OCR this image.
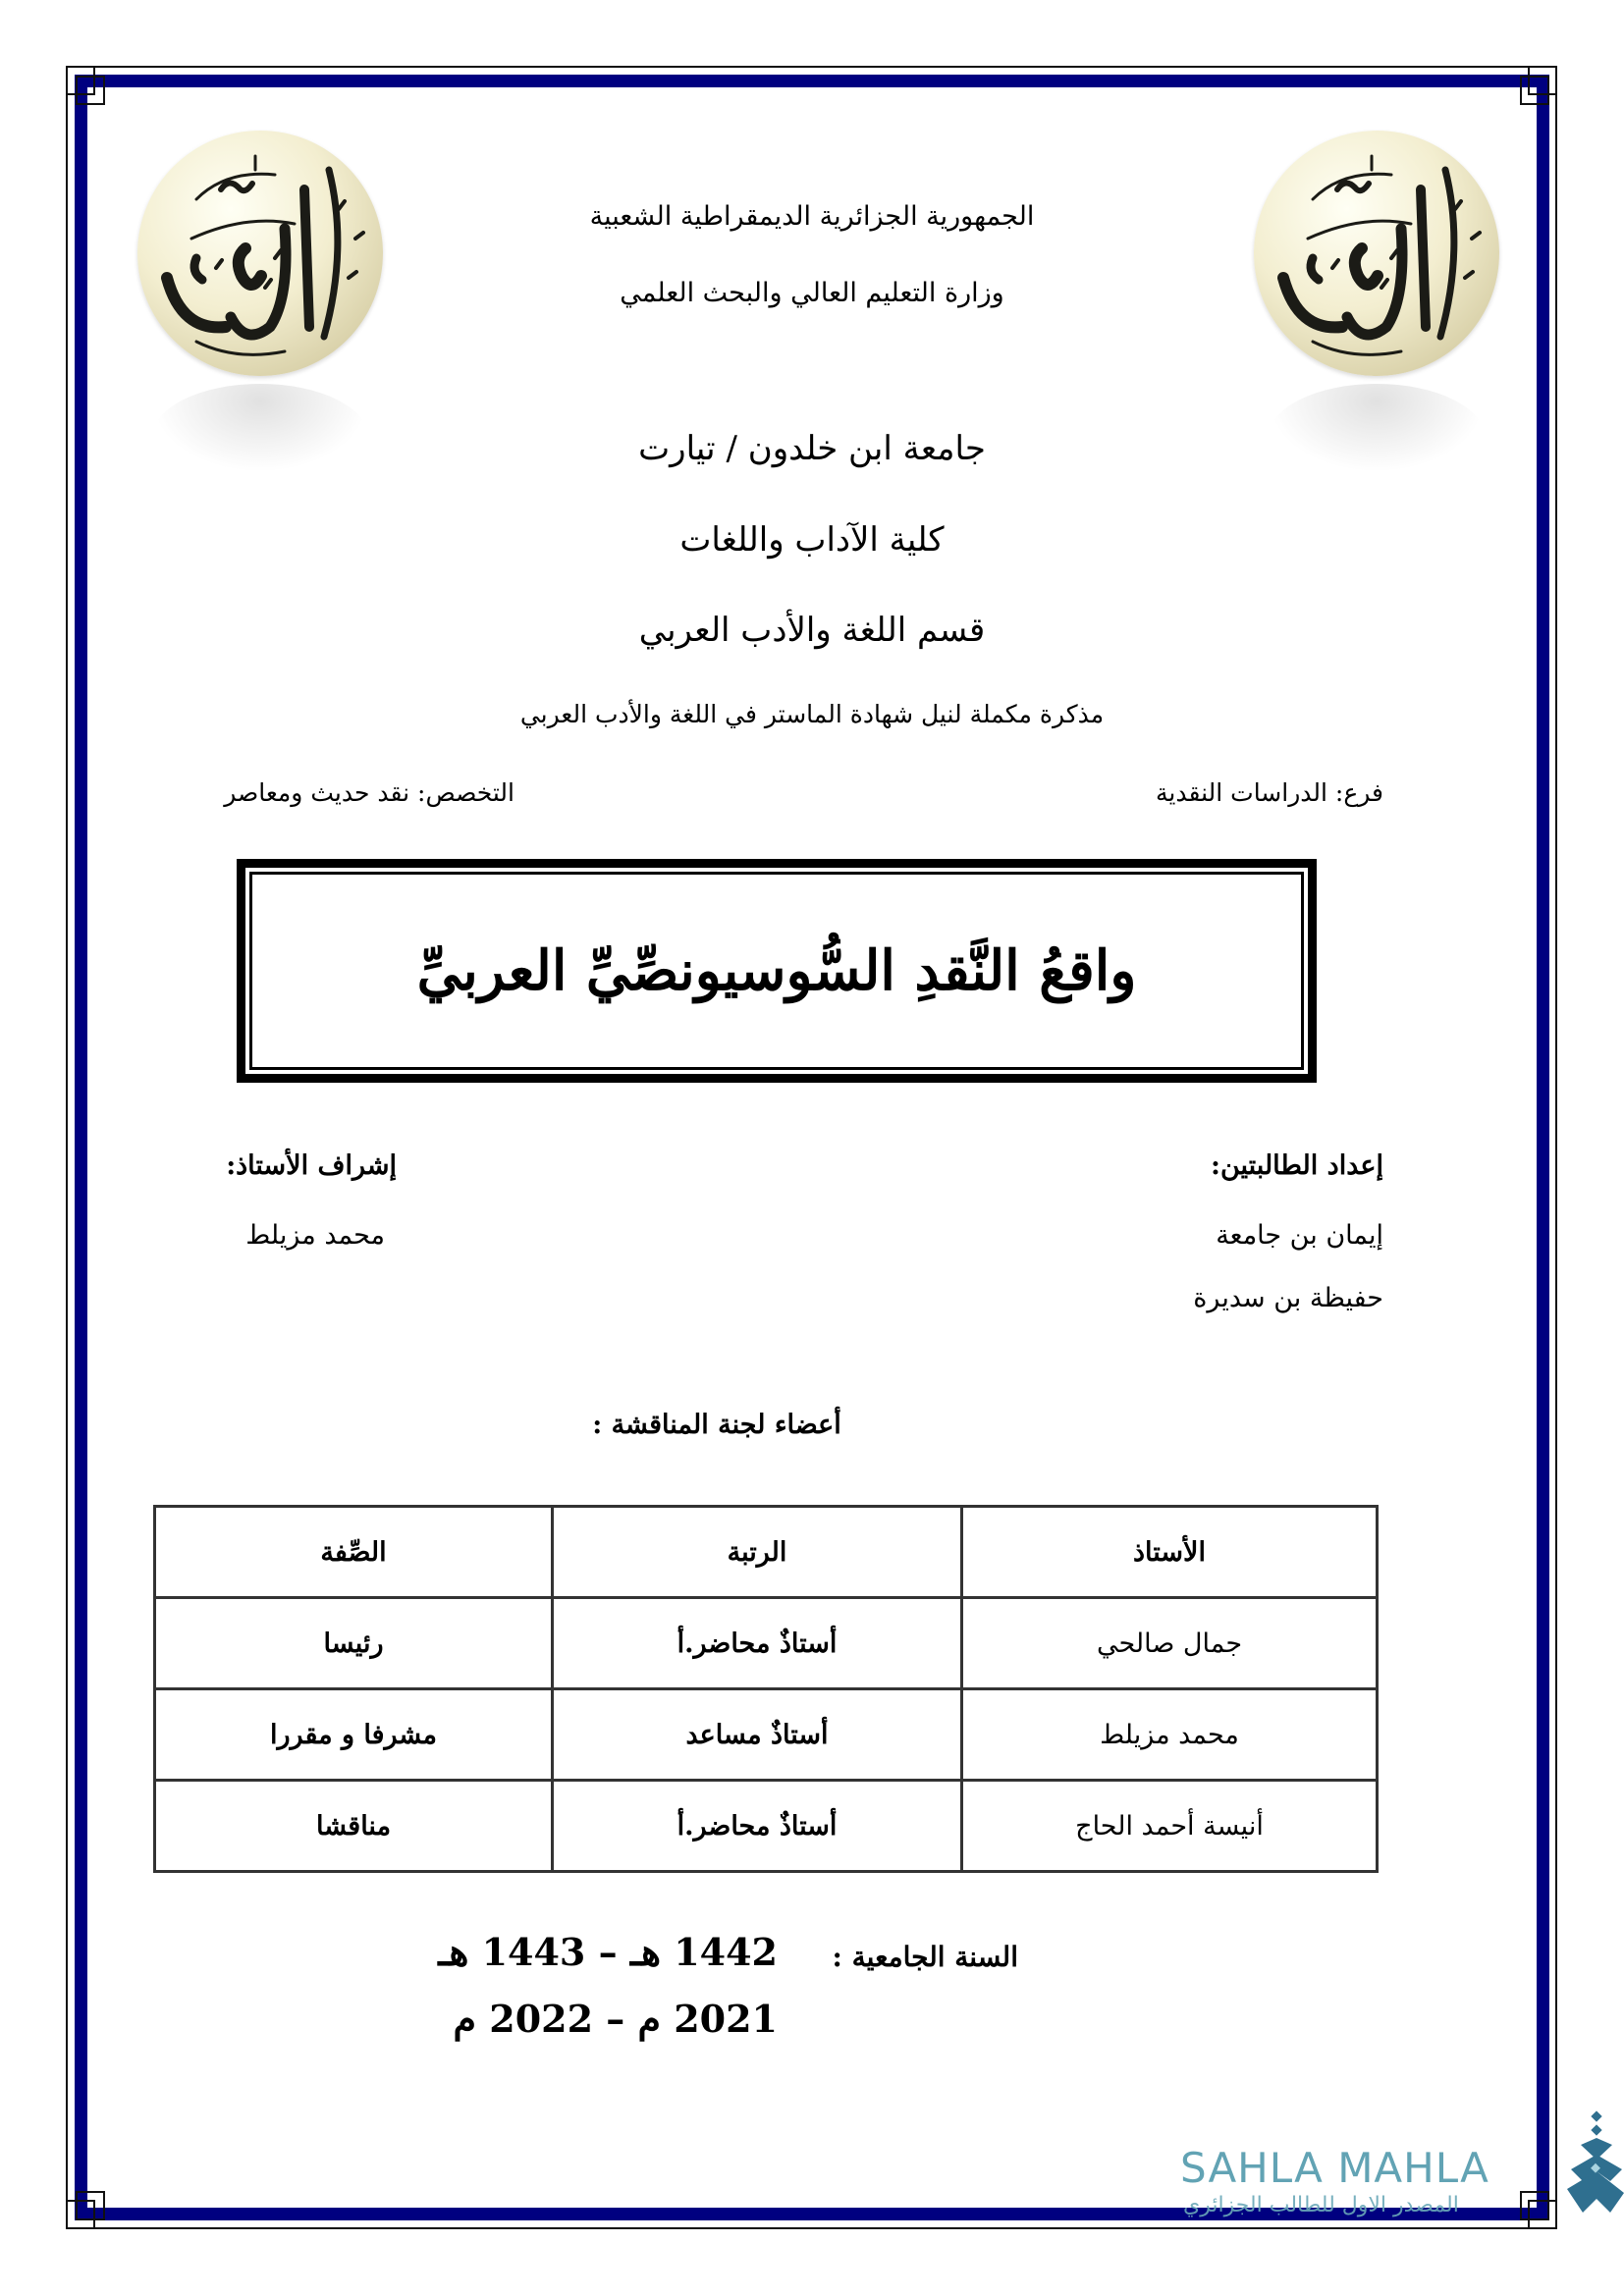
الجمهورية الجزائرية الديمقراطية الشعبية
وزارة التعليم العالي والبحث العلمي
جامعة ابن خلدون / تيارت
كلية الآداب واللغات
قسم اللغة والأدب العربي
مذكرة مكملة لنيل شهادة الماستر في اللغة والأدب العربي
فرع: الدراسات النقدية
التخصص: نقد حديث ومعاصر
واقعُ النَّقدِ السُّوسيونصِّيِّ العربيِّ
إعداد الطالبتين:
إيمان بن جامعة
حفيظة بن سديرة
إشراف الأستاذ:
محمد مزيلط
أعضاء لجنة المناقشة :
الأستاذ	الرتبة	الصِّفة
جمال صالحي	أستاذٌ محاضر.أ	رئيسا
محمد مزيلط	أستاذٌ مساعد	مشرفا و مقررا
أنيسة أحمد الحاج	أستاذٌ محاضر.أ	مناقشا
السنة الجامعية :
1442 هـ – 1443 هـ
2021 م – 2022 م
SAHLA MAHLA
المصدر الاول للطالب الجزائري
